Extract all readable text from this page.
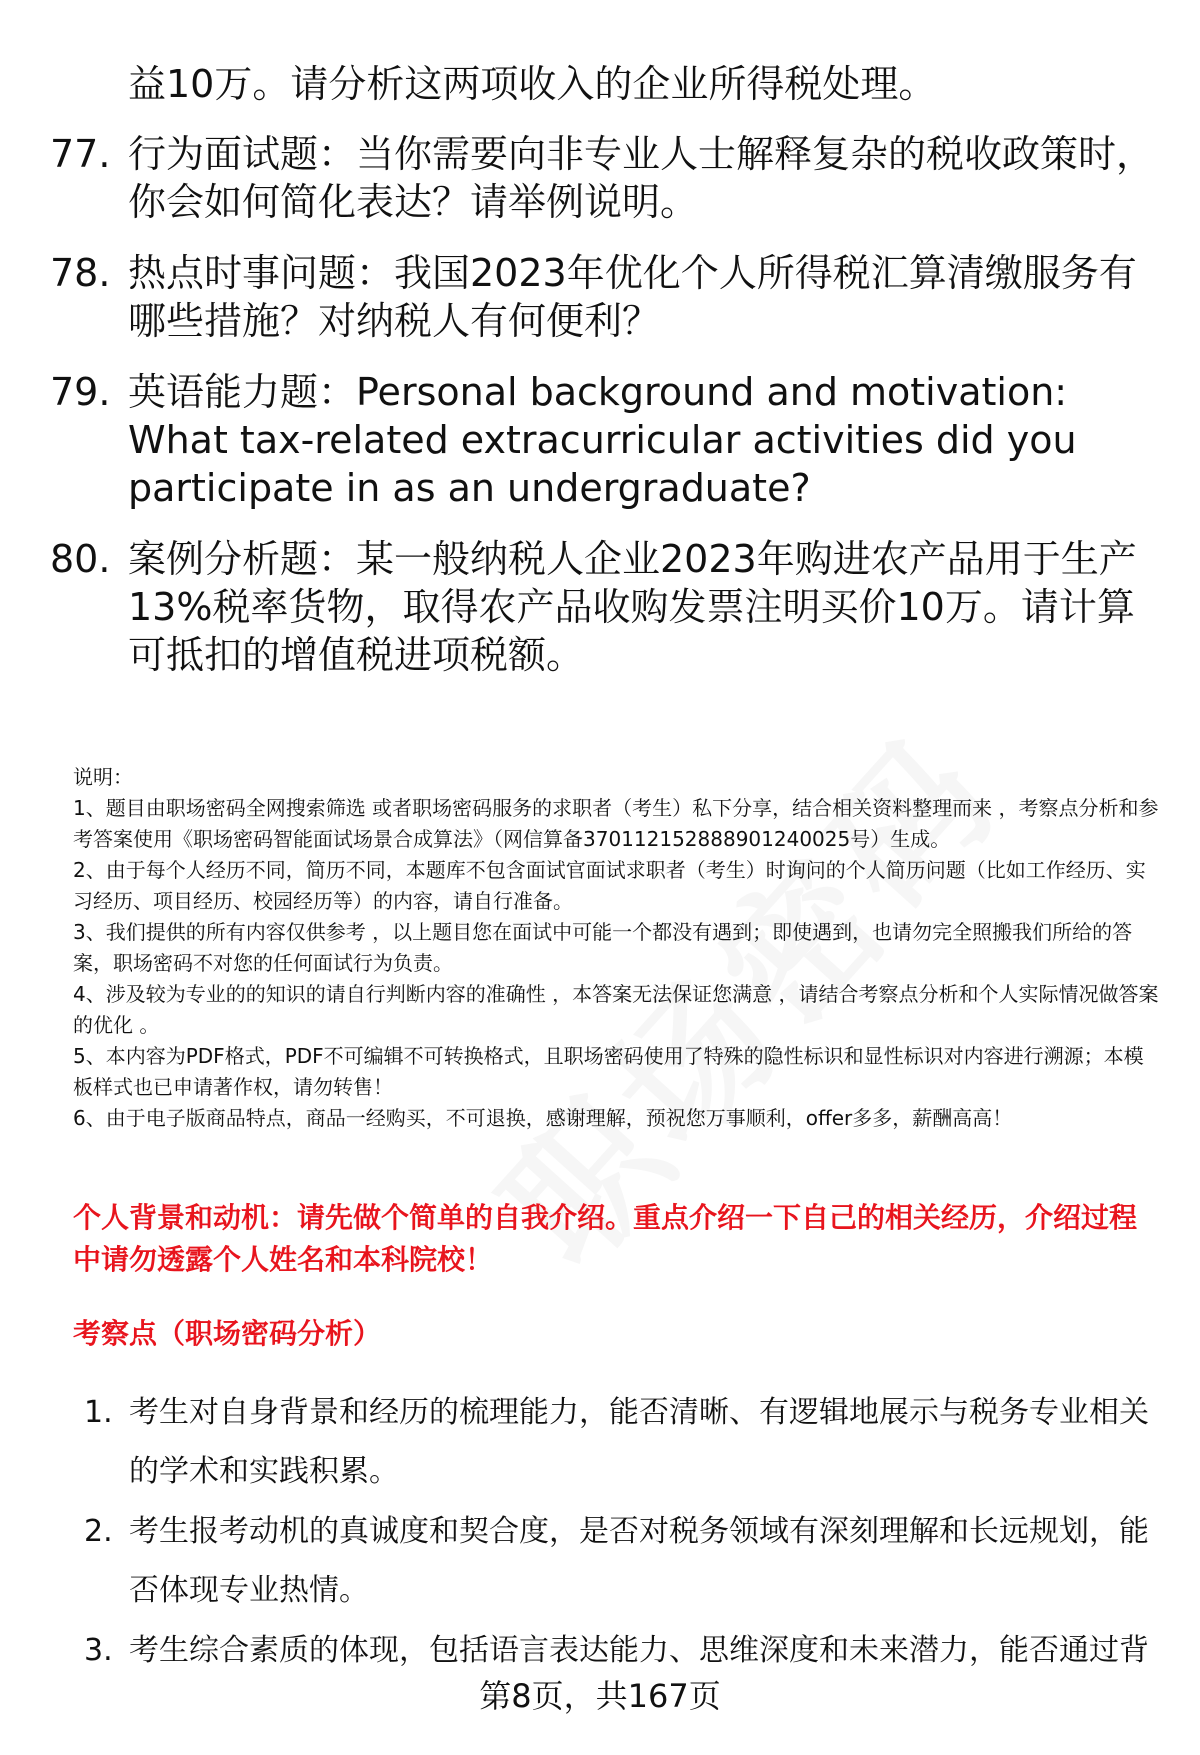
益10万。请分析这两项收入的企业所得税处理。
77. 行为面试题：当你需要向非专业人士解释复杂的税收政策时，你会如何简化表达？请举例说明。
78. 热点时事问题：我国2023年优化个人所得税汇算清缴服务有哪些措施？对纳税人有何便利？
79. 英语能力题：Personal background and motivation: What tax-related extracurricular activities did you participate in as an undergraduate?
80. 案例分析题：某一般纳税人企业2023年购进农产品用于生产13%税率货物，取得农产品收购发票注明买价10万。请计算可抵扣的增值税进项税额。

说明：

1、题目由职场密码全网搜索筛选 或者职场密码服务的求职者（考生）私下分享，结合相关资料整理而来 ，考察点分析和参考答案使用《职场密码智能面试场景合成算法》（网信算备370112152888901240025号）生成。

2、由于每个人经历不同，简历不同，本题库不包含面试官面试求职者（考生）时询问的个人简历问题（比如工作经历、实习经历、项目经历、校园经历等）的内容，请自行准备。

3、我们提供的所有内容仅供参考 ，以上题目您在面试中可能一个都没有遇到；即使遇到，也请勿完全照搬我们所给的答案，职场密码不对您的任何面试行为负责。

4、涉及较为专业的的知识的请自行判断内容的准确性 ，本答案无法保证您满意 ，请结合考察点分析和个人实际情况做答案的优化 。

5、本内容为PDF格式，PDF不可编辑不可转换格式，且职场密码使用了特殊的隐性标识和显性标识对内容进行溯源；本模板样式也已申请著作权，请勿转售！

6、由于电子版商品特点，商品一经购买，不可退换，感谢理解，预祝您万事顺利，offer多多，薪酬高高！

个人背景和动机：请先做个简单的自我介绍。重点介绍一下自己的相关经历，介绍过程中请勿透露个人姓名和本科院校！
考察点（职场密码分析）
1. 考生对自身背景和经历的梳理能力，能否清晰、有逻辑地展示与税务专业相关的学术和实践积累。
2. 考生报考动机的真诚度和契合度，是否对税务领域有深刻理解和长远规划，能否体现专业热情。
3. 考生综合素质的体现，包括语言表达能力、思维深度和未来潜力，能否通过背
第8页，共167页
